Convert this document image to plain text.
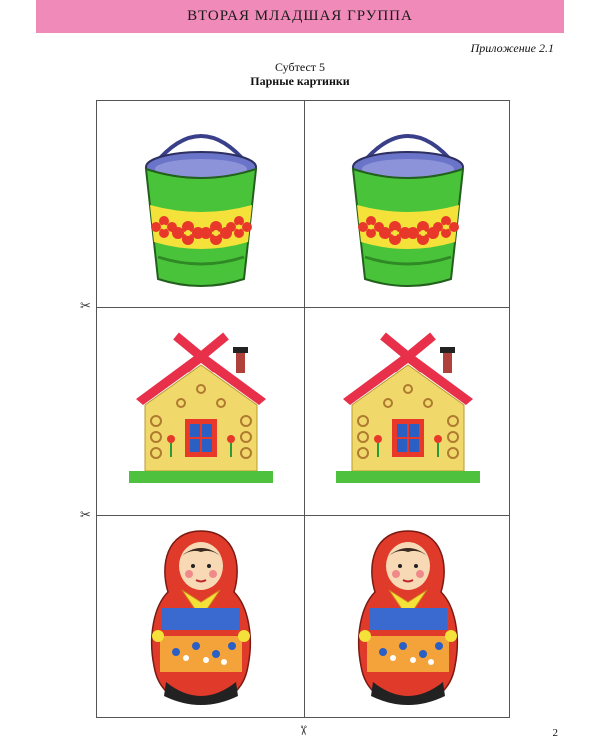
ВТОРАЯ МЛАДШАЯ ГРУППА
Приложение 2.1
Субтест 5
Парные картинки
✂
✂
✂	2
